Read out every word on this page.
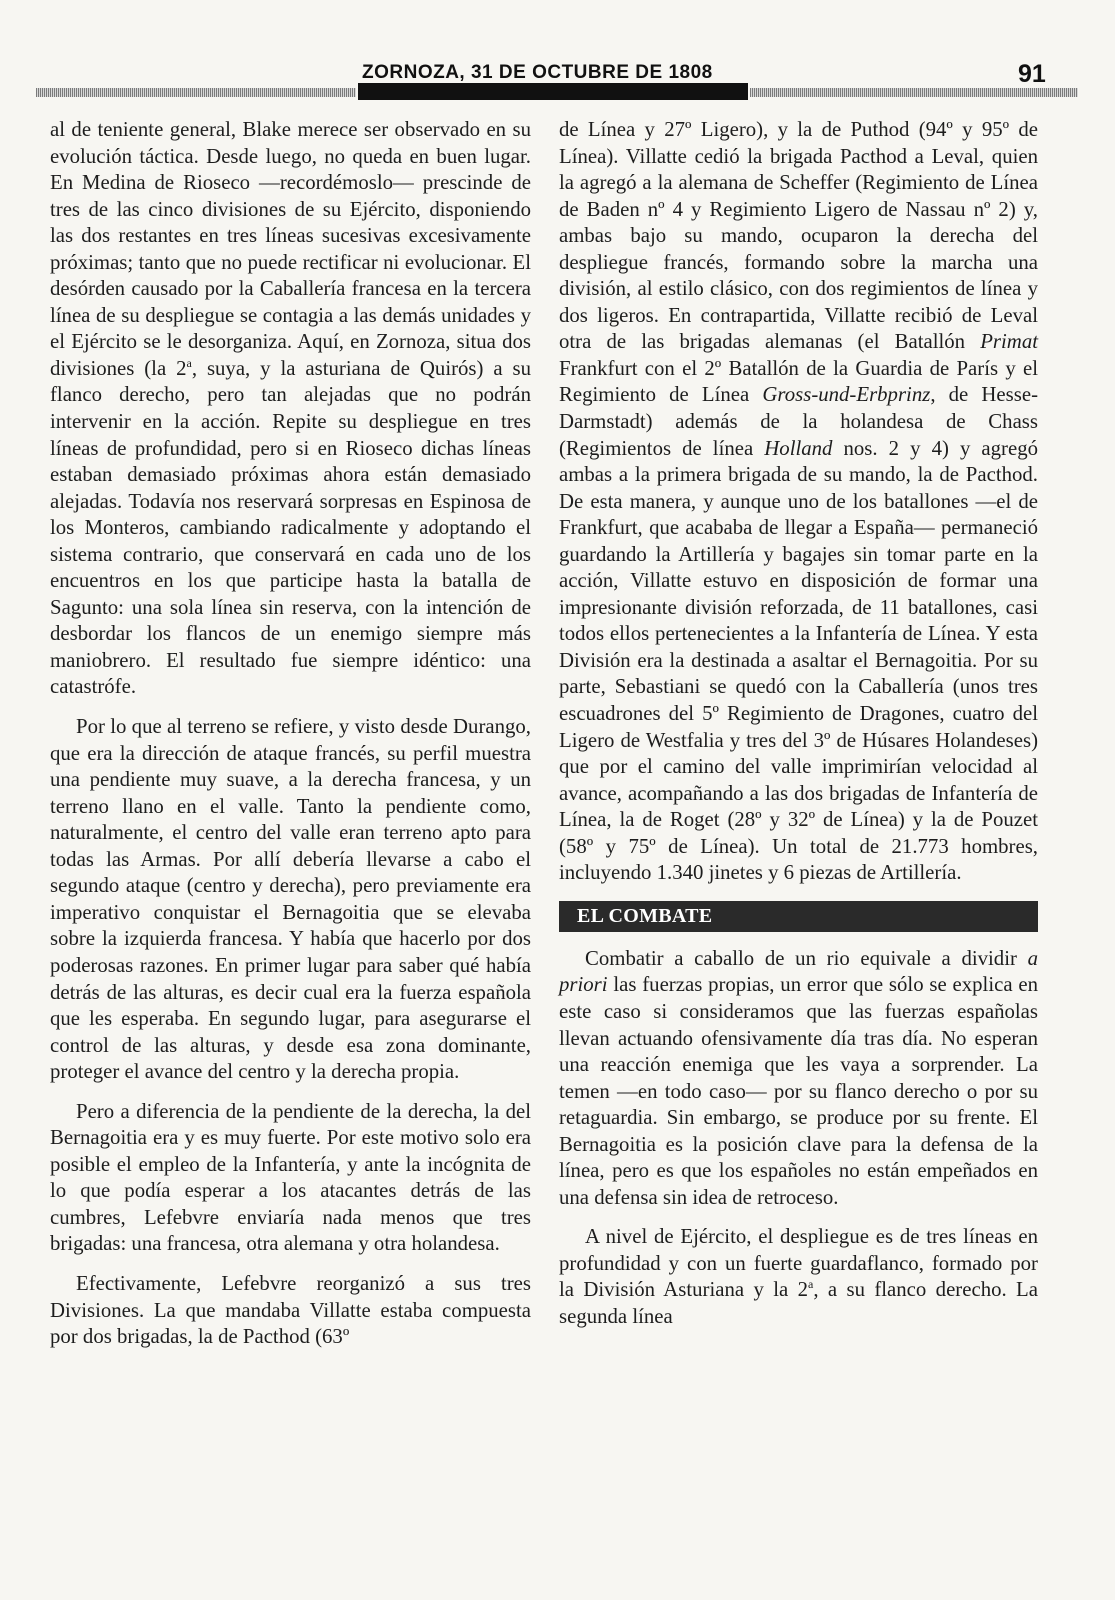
ZORNOZA, 31 DE OCTUBRE DE 1808	91

al de teniente general, Blake merece ser observado en su evolución táctica. Desde luego, no queda en buen lugar. En Medina de Rioseco —recordémoslo— prescinde de tres de las cinco divisiones de su Ejército, disponiendo las dos restantes en tres líneas sucesivas excesivamente próximas; tanto que no puede rectificar ni evolucionar. El desórden causado por la Caballería francesa en la tercera línea de su despliegue se contagia a las demás unidades y el Ejército se le desorganiza. Aquí, en Zornoza, situa dos divisiones (la 2$^a$, suya, y la asturiana de Quirós) a su flanco derecho, pero tan alejadas que no podrán intervenir en la acción. Repite su despliegue en tres líneas de profundidad, pero si en Rioseco dichas líneas estaban demasiado próximas ahora están demasiado alejadas. Todavía nos reservará sorpresas en Espinosa de los Monteros, cambiando radicalmente y adoptando el sistema contrario, que conservará en cada uno de los encuentros en los que participe hasta la batalla de Sagunto: una sola línea sin reserva, con la intención de desbordar los flancos de un enemigo siempre más maniobrero. El resultado fue siempre idéntico: una catastrófe.

Por lo que al terreno se refiere, y visto desde Durango, que era la dirección de ataque francés, su perfil muestra una pendiente muy suave, a la derecha francesa, y un terreno llano en el valle. Tanto la pendiente como, naturalmente, el centro del valle eran terreno apto para todas las Armas. Por allí debería llevarse a cabo el segundo ataque (centro y derecha), pero previamente era imperativo conquistar el Bernagoitia que se elevaba sobre la izquierda francesa. Y había que hacerlo por dos poderosas razones. En primer lugar para saber qué había detrás de las alturas, es decir cual era la fuerza española que les esperaba. En segundo lugar, para asegurarse el control de las alturas, y desde esa zona dominante, proteger el avance del centro y la derecha propia.

Pero a diferencia de la pendiente de la derecha, la del Bernagoitia era y es muy fuerte. Por este motivo solo era posible el empleo de la Infantería, y ante la incógnita de lo que podía esperar a los atacantes detrás de las cumbres, Lefebvre enviaría nada menos que tres brigadas: una francesa, otra alemana y otra holandesa.

Efectivamente, Lefebvre reorganizó a sus tres Divisiones. La que mandaba Villatte estaba compuesta por dos brigadas, la de Pacthod (63º

de Línea y 27º Ligero), y la de Puthod (94º y 95º de Línea). Villatte cedió la brigada Pacthod a Leval, quien la agregó a la alemana de Scheffer (Regimiento de Línea de Baden nº 4 y Regimiento Ligero de Nassau nº 2) y, ambas bajo su mando, ocuparon la derecha del despliegue francés, formando sobre la marcha una división, al estilo clásico, con dos regimientos de línea y dos ligeros. En contrapartida, Villatte recibió de Leval otra de las brigadas alemanas (el Batallón Primat Frankfurt con el 2º Batallón de la Guardia de París y el Regimiento de Línea Gross-und-Erbprinz, de Hesse-Darmstadt) además de la holandesa de Chass (Regimientos de línea Holland nos. 2 y 4) y agregó ambas a la primera brigada de su mando, la de Pacthod. De esta manera, y aunque uno de los batallones —el de Frankfurt, que acababa de llegar a España— permaneció guardando la Artillería y bagajes sin tomar parte en la acción, Villatte estuvo en disposición de formar una impresionante división reforzada, de 11 batallones, casi todos ellos pertenecientes a la Infantería de Línea. Y esta División era la destinada a asaltar el Bernagoitia. Por su parte, Sebastiani se quedó con la Caballería (unos tres escuadrones del 5º Regimiento de Dragones, cuatro del Ligero de Westfalia y tres del 3º de Húsares Holandeses) que por el camino del valle imprimirían velocidad al avance, acompañando a las dos brigadas de Infantería de Línea, la de Roget (28º y 32º de Línea) y la de Pouzet (58º y 75º de Línea). Un total de 21.773 hombres, incluyendo 1.340 jinetes y 6 piezas de Artillería.

EL COMBATE

Combatir a caballo de un rio equivale a dividir a priori las fuerzas propias, un error que sólo se explica en este caso si consideramos que las fuerzas españolas llevan actuando ofensivamente día tras día. No esperan una reacción enemiga que les vaya a sorprender. La temen —en todo caso— por su flanco derecho o por su retaguardia. Sin embargo, se produce por su frente. El Bernagoitia es la posición clave para la defensa de la línea, pero es que los españoles no están empeñados en una defensa sin idea de retroceso.

A nivel de Ejército, el despliegue es de tres líneas en profundidad y con un fuerte guardaflanco, formado por la División Asturiana y la 2$^a$, a su flanco derecho. La segunda línea
